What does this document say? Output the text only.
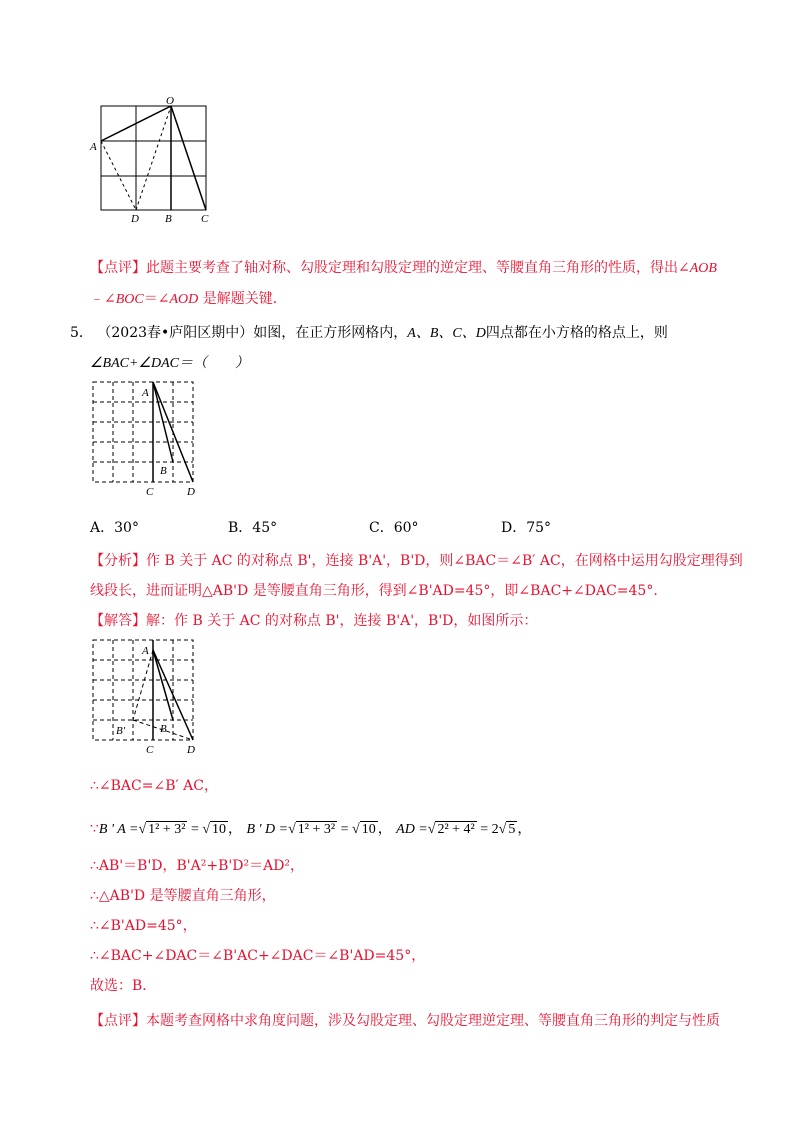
O
A
D B	C
【点评】此题主要考查了轴对称、勾股定理和勾股定理的逆定理、等腰直角三角形的性质，得出∠AOB
﹣∠BOC＝∠AOD 是解题关键．
5． （2023春•庐阳区期中）如图，在正方形网格内，A、B、C、D四点都在小方格的格点上，则
∠BAC+∠DAC＝（　　）
A
B
C	D
A．30°	B．45°	C．60°	D．75°
【分析】作 B 关于 AC 的对称点 B'，连接 B'A'，B'D，则∠BAC＝∠B′ AC，在网格中运用勾股定理得到
线段长，进而证明△AB'D 是等腰直角三角形，得到∠B'AD=45°，即∠BAC+∠DAC=45°.
【解答】解：作 B 关于 AC 的对称点 B'，连接 B'A'，B'D，如图所示：
A
B'	B
C	D
∴∠BAC=∠B′ AC，
∵B ' A =√ 1² + 3² = √ 10 ， B ' D =√ 1² + 3² = √ 10 ， AD =√ 2² + 4² = 2√ 5 ，
∴AB'＝B'D，B'A²+B'D²＝AD²，
∴△AB'D 是等腰直角三角形，
∴∠B'AD=45°，
∴∠BAC+∠DAC＝∠B'AC+∠DAC＝∠B'AD=45°，
故选：B．
【点评】本题考查网格中求角度问题，涉及勾股定理、勾股定理逆定理、等腰直角三角形的判定与性质
